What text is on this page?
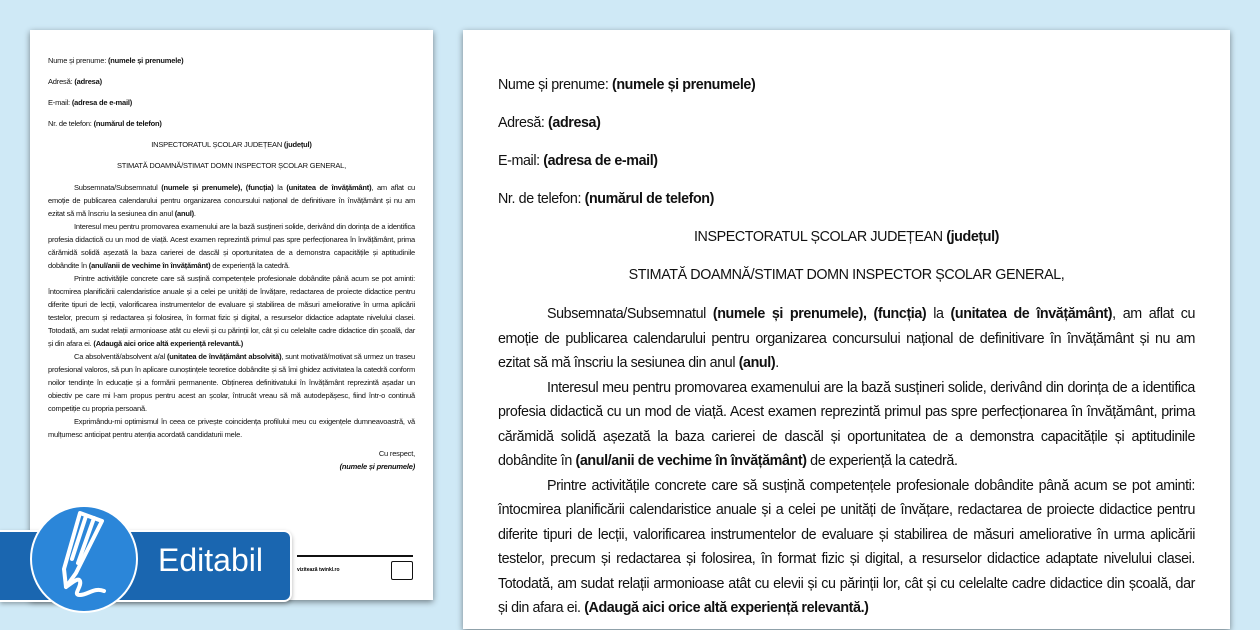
Nume și prenume: (numele și prenumele)
Adresă: (adresa)
E-mail: (adresa de e-mail)
Nr. de telefon: (numărul de telefon)
INSPECTORATUL ȘCOLAR JUDEȚEAN (județul)
STIMATĂ DOAMNĂ/STIMAT DOMN INSPECTOR ȘCOLAR GENERAL,

Subsemnata/Subsemnatul (numele și prenumele), (funcția) la (unitatea de învățământ), am aflat cu emoție de publicarea calendarului pentru organizarea concursului național de definitivare în învățământ și nu am ezitat să mă înscriu la sesiunea din anul (anul).

Interesul meu pentru promovarea examenului are la bază susțineri solide, derivând din dorința de a identifica profesia didactică cu un mod de viață. Acest examen reprezintă primul pas spre perfecționarea în învățământ, prima cărămidă solidă așezată la baza carierei de dascăl și oportunitatea de a demonstra capacitățile și aptitudinile dobândite în (anul/anii de vechime în învățământ) de experiență la catedră.

Printre activitățile concrete care să susțină competențele profesionale dobândite până acum se pot aminti: întocmirea planificării calendaristice anuale și a celei pe unități de învățare, redactarea de proiecte didactice pentru diferite tipuri de lecții, valorificarea instrumentelor de evaluare și stabilirea de măsuri ameliorative în urma aplicării testelor, precum și redactarea și folosirea, în format fizic și digital, a resurselor didactice adaptate nivelului clasei. Totodată, am sudat relații armonioase atât cu elevii și cu părinții lor, cât și cu celelalte cadre didactice din școală, dar și din afara ei. (Adaugă aici orice altă experiență relevantă.)

Ca absolventă/absolvent a/al (unitatea de învățământ absolvită), sunt motivată/motivat să urmez un traseu profesional valoros, să pun în aplicare cunoștințele teoretice dobândite și să îmi ghidez activitatea la catedră conform noilor tendințe în educație și a formării permanente. Obținerea definitivatului în învățământ reprezintă așadar un obiectiv pe care mi l-am propus pentru acest an școlar, întrucât vreau să mă autodepășesc, fiind într-o continuă competiție cu propria persoană.

Exprimându-mi optimismul în ceea ce privește coincidența profilului meu cu exigențele dumneavoastră, vă mulțumesc anticipat pentru atenția acordată candidaturii mele.

Cu respect,
(numele și prenumele)
vizitează twinkl.ro
Nume și prenume: (numele și prenumele)
Adresă: (adresa)
E-mail: (adresa de e-mail)
Nr. de telefon: (numărul de telefon)
INSPECTORATUL ȘCOLAR JUDEȚEAN (județul)
STIMATĂ DOAMNĂ/STIMAT DOMN INSPECTOR ȘCOLAR GENERAL,

Subsemnata/Subsemnatul (numele și prenumele), (funcția) la (unitatea de învățământ), am aflat cu emoție de publicarea calendarului pentru organizarea concursului național de definitivare în învățământ și nu am ezitat să mă înscriu la sesiunea din anul (anul).

Interesul meu pentru promovarea examenului are la bază susțineri solide, derivând din dorința de a identifica profesia didactică cu un mod de viață. Acest examen reprezintă primul pas spre perfecționarea în învățământ, prima cărămidă solidă așezată la baza carierei de dascăl și oportunitatea de a demonstra capacitățile și aptitudinile dobândite în (anul/anii de vechime în învățământ) de experiență la catedră.

Printre activitățile concrete care să susțină competențele profesionale dobândite până acum se pot aminti: întocmirea planificării calendaristice anuale și a celei pe unități de învățare, redactarea de proiecte didactice pentru diferite tipuri de lecții, valorificarea instrumentelor de evaluare și stabilirea de măsuri ameliorative în urma aplicării testelor, precum și redactarea și folosirea, în format fizic și digital, a resurselor didactice adaptate nivelului clasei. Totodată, am sudat relații armonioase atât cu elevii și cu părinții lor, cât și cu celelalte cadre didactice din școală, dar și din afara ei. (Adaugă aici orice altă experiență relevantă.)

Editabil
